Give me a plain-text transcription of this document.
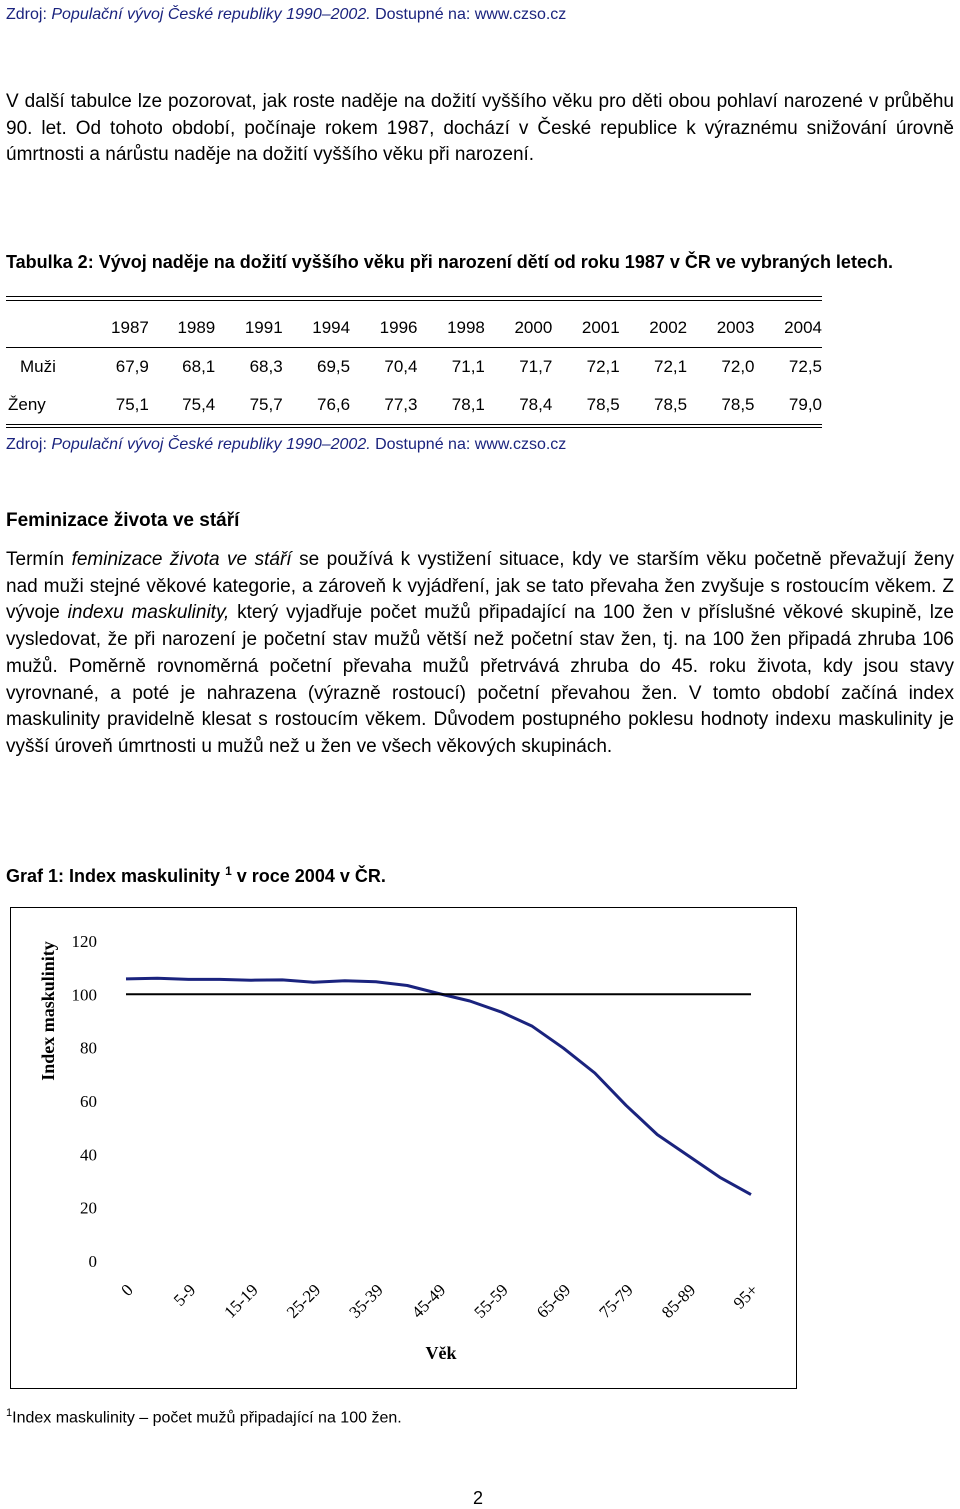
Zdroj: Populační vývoj České republiky 1990–2002. Dostupné na: www.czso.cz
V další tabulce lze pozorovat, jak roste naděje na dožití vyššího věku pro děti obou pohlaví narozené v průběhu 90. let. Od tohoto období, počínaje rokem 1987, dochází v České republice k výraznému snižování úrovně úmrtnosti a nárůstu naděje na dožití vyššího věku při narození.
Tabulka 2: Vývoj naděje na dožití vyššího věku při narození dětí od roku 1987 v ČR ve vybraných letech.
	1987	1989	1991	1994	1996	1998	2000	2001	2002	2003	2004
Muži	67,9	68,1	68,3	69,5	70,4	71,1	71,7	72,1	72,1	72,0	72,5
Ženy	75,1	75,4	75,7	76,6	77,3	78,1	78,4	78,5	78,5	78,5	79,0
Zdroj: Populační vývoj České republiky 1990–2002. Dostupné na: www.czso.cz
Feminizace života ve stáří
Termín feminizace života ve stáří se používá k vystižení situace, kdy ve starším věku početně převažují ženy nad muži stejné věkové kategorie, a zároveň k vyjádření, jak se tato převaha žen zvyšuje s rostoucím věkem. Z vývoje indexu maskulinity, který vyjadřuje počet mužů připadající na 100 žen v příslušné věkové skupině, lze vysledovat, že při narození je početní stav mužů větší než početní stav žen, tj. na 100 žen připadá zhruba 106 mužů. Poměrně rovnoměrná početní převaha mužů přetrvává zhruba do 45. roku života, kdy jsou stavy vyrovnané, a poté je nahrazena (výrazně rostoucí) početní převahou žen. V tomto období začíná index maskulinity pravidelně klesat s rostoucím věkem. Důvodem postupného poklesu hodnoty indexu maskulinity je vyšší úroveň úmrtnosti u mužů než u žen ve všech věkových skupinách.
Graf 1: Index maskulinity $^1$ v roce 2004 v ČR.
0
20
40
60
80
100
120
0 5-9 15-19 25-29 35-39 45-49 55-59 65-69 75-79 85-89 95+
Index maskulinity
Věk
$^1$Index maskulinity – počet mužů připadající na 100 žen.
2
